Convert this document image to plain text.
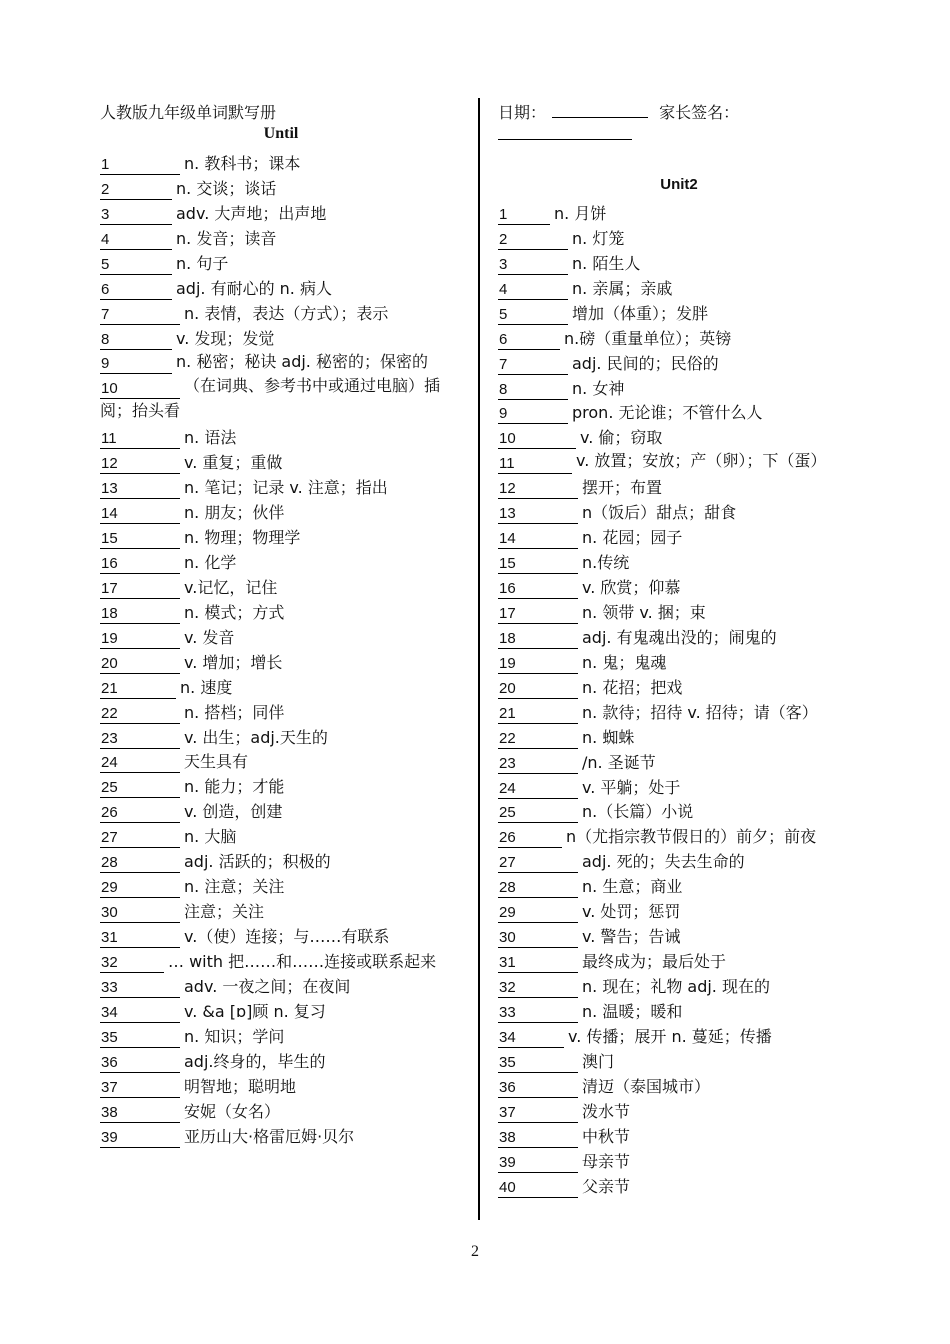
人教版九年级单词默写册
Until
日期：	家长签名：

Unit2
1	n. 教科书；课本
2	n. 交谈；谈话
3	adv. 大声地；出声地
4	n. 发音；读音
5	n. 句子
6	adj. 有耐心的 n. 病人
7	n. 表情，表达（方式）；表示
8	v. 发现；发觉
9	n. 秘密；秘诀 adj. 秘密的；保密的
10	（在词典、参考书中或通过电脑）插阅；抬头看
11	n. 语法
12	v. 重复；重做
13	n. 笔记；记录 v. 注意；指出
14	n. 朋友；伙伴
15	n. 物理；物理学
16	n. 化学
17	v.记忆，记住
18	n. 模式；方式
19	v. 发音
20	v. 增加；增长
21	n. 速度
22	n. 搭档；同伴
23	v. 出生；adj.天生的
24	天生具有
25	n. 能力；才能
26	v. 创造，创建
27	n. 大脑
28	adj. 活跃的；积极的
29	n. 注意；关注
30	注意；关注
31	v.（使）连接；与……有联系
32	… with 把……和……连接或联系起来
33	adv. 一夜之间；在夜间
34	v. &a [ɒ]顾 n. 复习
35	n. 知识；学问
36	adj.终身的，毕生的
37	明智地；聪明地
38	安妮（女名）
39	亚历山大·格雷厄姆·贝尔
1	n. 月饼
2	n. 灯笼
3	n. 陌生人
4	n. 亲属；亲戚
5	增加（体重）；发胖
6	n.磅（重量单位）；英镑
7	adj. 民间的；民俗的
8	n. 女神
9	pron. 无论谁；不管什么人
10	v. 偷；窃取
11	v. 放置；安放；产（卵）；下（蛋）
12	摆开；布置
13	n（饭后）甜点；甜食
14	n. 花园；园子
15	n.传统
16	v. 欣赏；仰慕
17	n. 领带 v. 捆；束
18	adj. 有鬼魂出没的；闹鬼的
19	n. 鬼；鬼魂
20	n. 花招；把戏
21	n. 款待；招待 v. 招待；请（客）
22	n. 蜘蛛
23	/n. 圣诞节
24	v. 平躺；处于
25	n.（长篇）小说
26	n（尤指宗教节假日的）前夕；前夜
27	adj. 死的；失去生命的
28	n. 生意；商业
29	v. 处罚；惩罚
30	v. 警告；告诫
31	最终成为；最后处于
32	n. 现在；礼物 adj. 现在的
33	n. 温暖；暖和
34	v. 传播；展开 n. 蔓延；传播
35	澳门
36	清迈（泰国城市）
37	泼水节
38	中秋节
39	母亲节
40	父亲节
2
